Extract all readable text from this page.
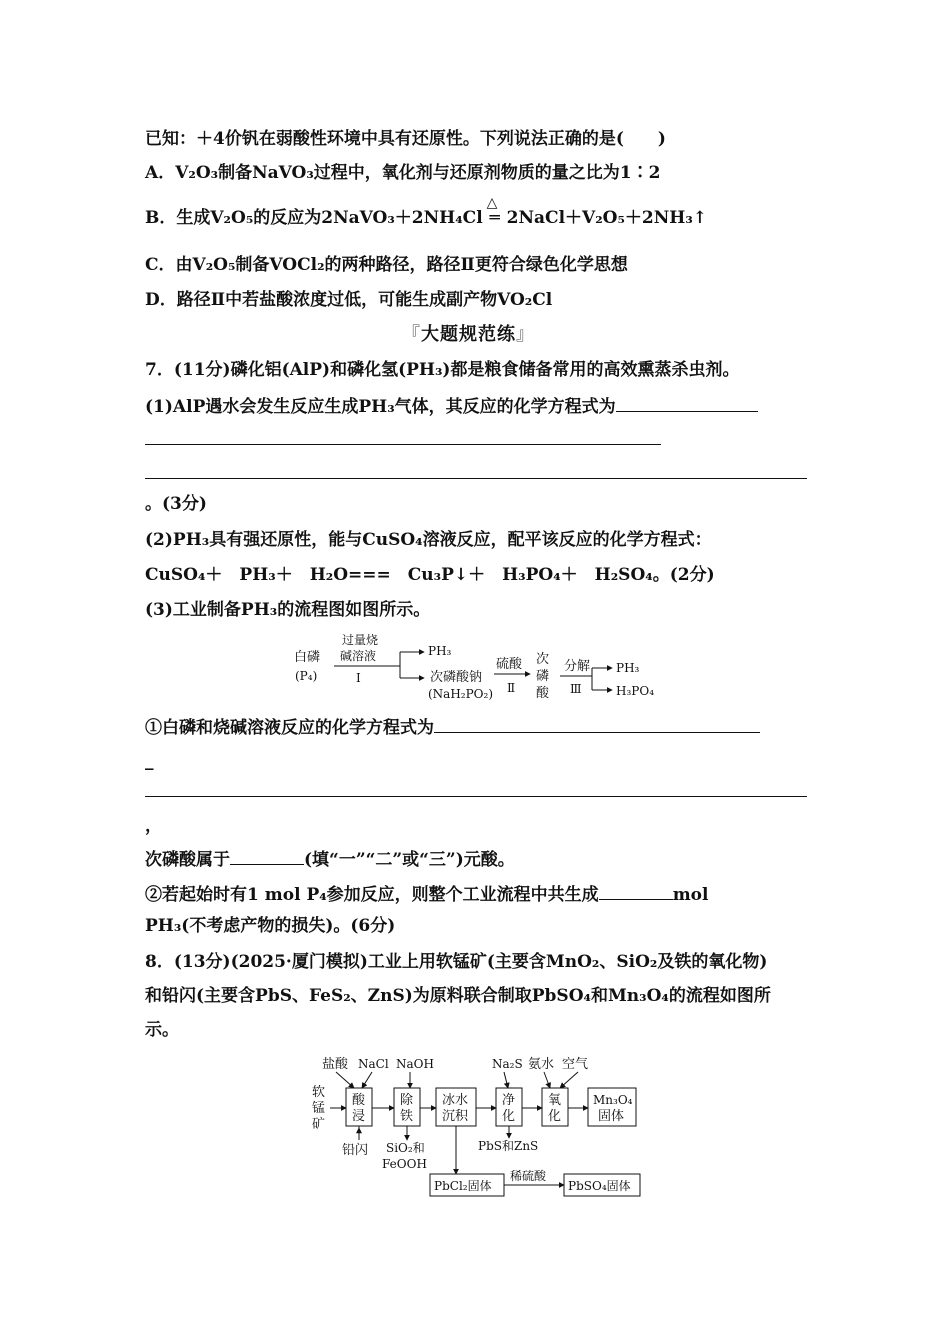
已知：＋4价钒在弱酸性环境中具有还原性。下列说法正确的是(　　)
A．V₂O₃制备NaVO₃过程中，氧化剂与还原剂物质的量之比为1∶2
B．生成V₂O₅的反应为2NaVO₃＋2NH₄Cl
△
═ 2NaCl＋V₂O₅＋2NH₃↑
C．由V₂O₅制备VOCl₂的两种路径，路径Ⅱ更符合绿色化学思想
D．路径Ⅱ中若盐酸浓度过低，可能生成副产物VO₂Cl
『大题规范练』
7．(11分)磷化铝(AlP)和磷化氢(PH₃)都是粮食储备常用的高效熏蒸杀虫剂。
(1)AlP遇水会发生反应生成PH₃气体，其反应的化学方程式为
。(3分)
(2)PH₃具有强还原性，能与CuSO₄溶液反应，配平该反应的化学方程式：
CuSO₄＋　PH₃＋　H₂O===　Cu₃P↓＋　H₃PO₄＋　H₂SO₄。(2分)
(3)工业制备PH₃的流程图如图所示。
白磷
(P₄)
过量烧
碱溶液
Ⅰ
PH₃
次磷酸钠
(NaH₂PO₂)
硫酸
Ⅱ
次
磷
酸
分解
Ⅲ
PH₃
H₃PO₄
①白磷和烧碱溶液反应的化学方程式为
_
，
次磷酸属于	(填“一”“二”或“三”)元酸。
②若起始时有1 mol P₄参加反应，则整个工业流程中共生成	mol
PH₃(不考虑产物的损失)。(6分)
8．(13分)(2025·厦门模拟)工业上用软锰矿(主要含MnO₂、SiO₂及铁的氧化物)
和铅闪(主要含PbS、FeS₂、ZnS)为原料联合制取PbSO₄和Mn₃O₄的流程如图所
示。
盐酸 NaCl NaOH	Na₂S 氨水 空气
软
锰
矿
酸
浸
除
铁
冰水
沉积
净
化
氧
化
Mn₃O₄
固体
铅闪 SiO₂和
FeOOH
PbS和ZnS
PbCl₂固体
稀硫酸
PbSO₄固体
